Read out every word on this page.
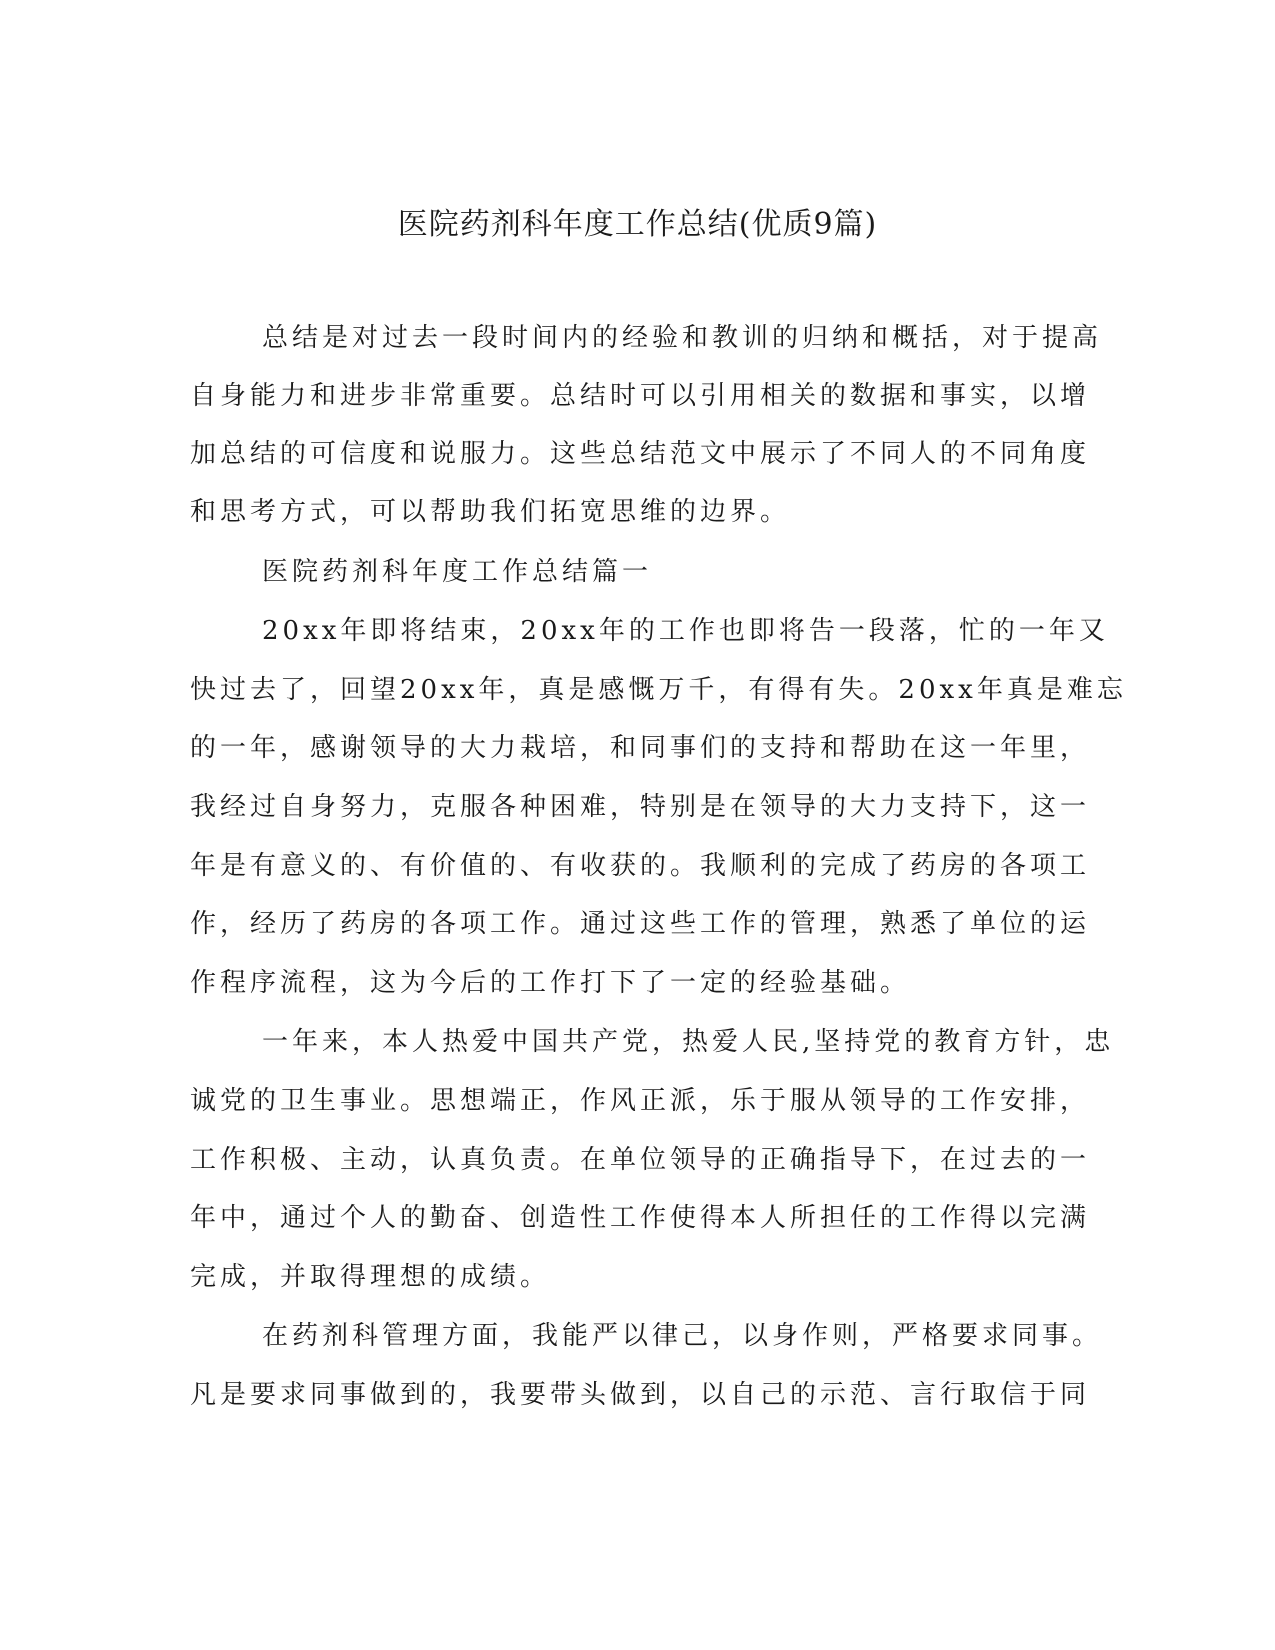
医院药剂科年度工作总结(优质9篇)
总结是对过去一段时间内的经验和教训的归纳和概括，对于提高
自身能力和进步非常重要。总结时可以引用相关的数据和事实，以增
加总结的可信度和说服力。这些总结范文中展示了不同人的不同角度
和思考方式，可以帮助我们拓宽思维的边界。
医院药剂科年度工作总结篇一
20xx年即将结束，20xx年的工作也即将告一段落，忙的一年又
快过去了，回望20xx年，真是感慨万千，有得有失。20xx年真是难忘
的一年，感谢领导的大力栽培，和同事们的支持和帮助在这一年里，
我经过自身努力，克服各种困难，特别是在领导的大力支持下，这一
年是有意义的、有价值的、有收获的。我顺利的完成了药房的各项工
作，经历了药房的各项工作。通过这些工作的管理，熟悉了单位的运
作程序流程，这为今后的工作打下了一定的经验基础。
一年来，本人热爱中国共产党，热爱人民,坚持党的教育方针，忠
诚党的卫生事业。思想端正，作风正派，乐于服从领导的工作安排，
工作积极、主动，认真负责。在单位领导的正确指导下，在过去的一
年中，通过个人的勤奋、创造性工作使得本人所担任的工作得以完满
完成，并取得理想的成绩。
在药剂科管理方面，我能严以律己，以身作则，严格要求同事。
凡是要求同事做到的，我要带头做到，以自己的示范、言行取信于同
